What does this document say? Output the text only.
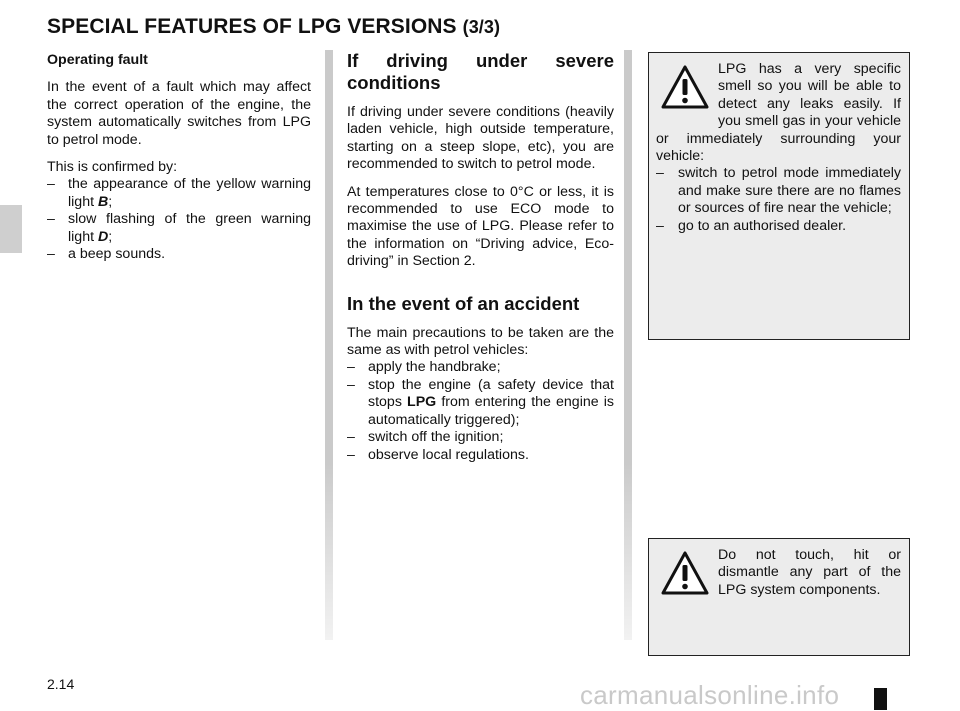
SPECIAL FEATURES OF LPG VERSIONS (3/3)

Operating fault

In the event of a fault which may affect the correct operation of the engine, the system automatically switches from LPG to petrol mode.

This is confirmed by:

– the appearance of the yellow warning light B;
– slow flashing of the green warning light D;
– a beep sounds.

If driving under severe conditions

If driving under severe conditions (heavily laden vehicle, high outside temperature, starting on a steep slope, etc), you are recommended to switch to petrol mode.

At temperatures close to 0°C or less, it is recommended to use ECO mode to maximise the use of LPG. Please refer to the information on “Driving advice, Eco-driving” in Section 2.

In the event of an accident

The main precautions to be taken are the same as with petrol vehicles:

– apply the handbrake;
– stop the engine (a safety device that stops LPG from entering the engine is automatically triggered);
– switch off the ignition;
– observe local regulations.

LPG has a very specific smell so you will be able to detect any leaks easily. If you smell gas in your vehicle or immediately surrounding your vehicle:

– switch to petrol mode immediately and make sure there are no flames or sources of fire near the vehicle;
– go to an authorised dealer.

Do not touch, hit or dismantle any part of the LPG system components.

2.14	carmanualsonline.info
